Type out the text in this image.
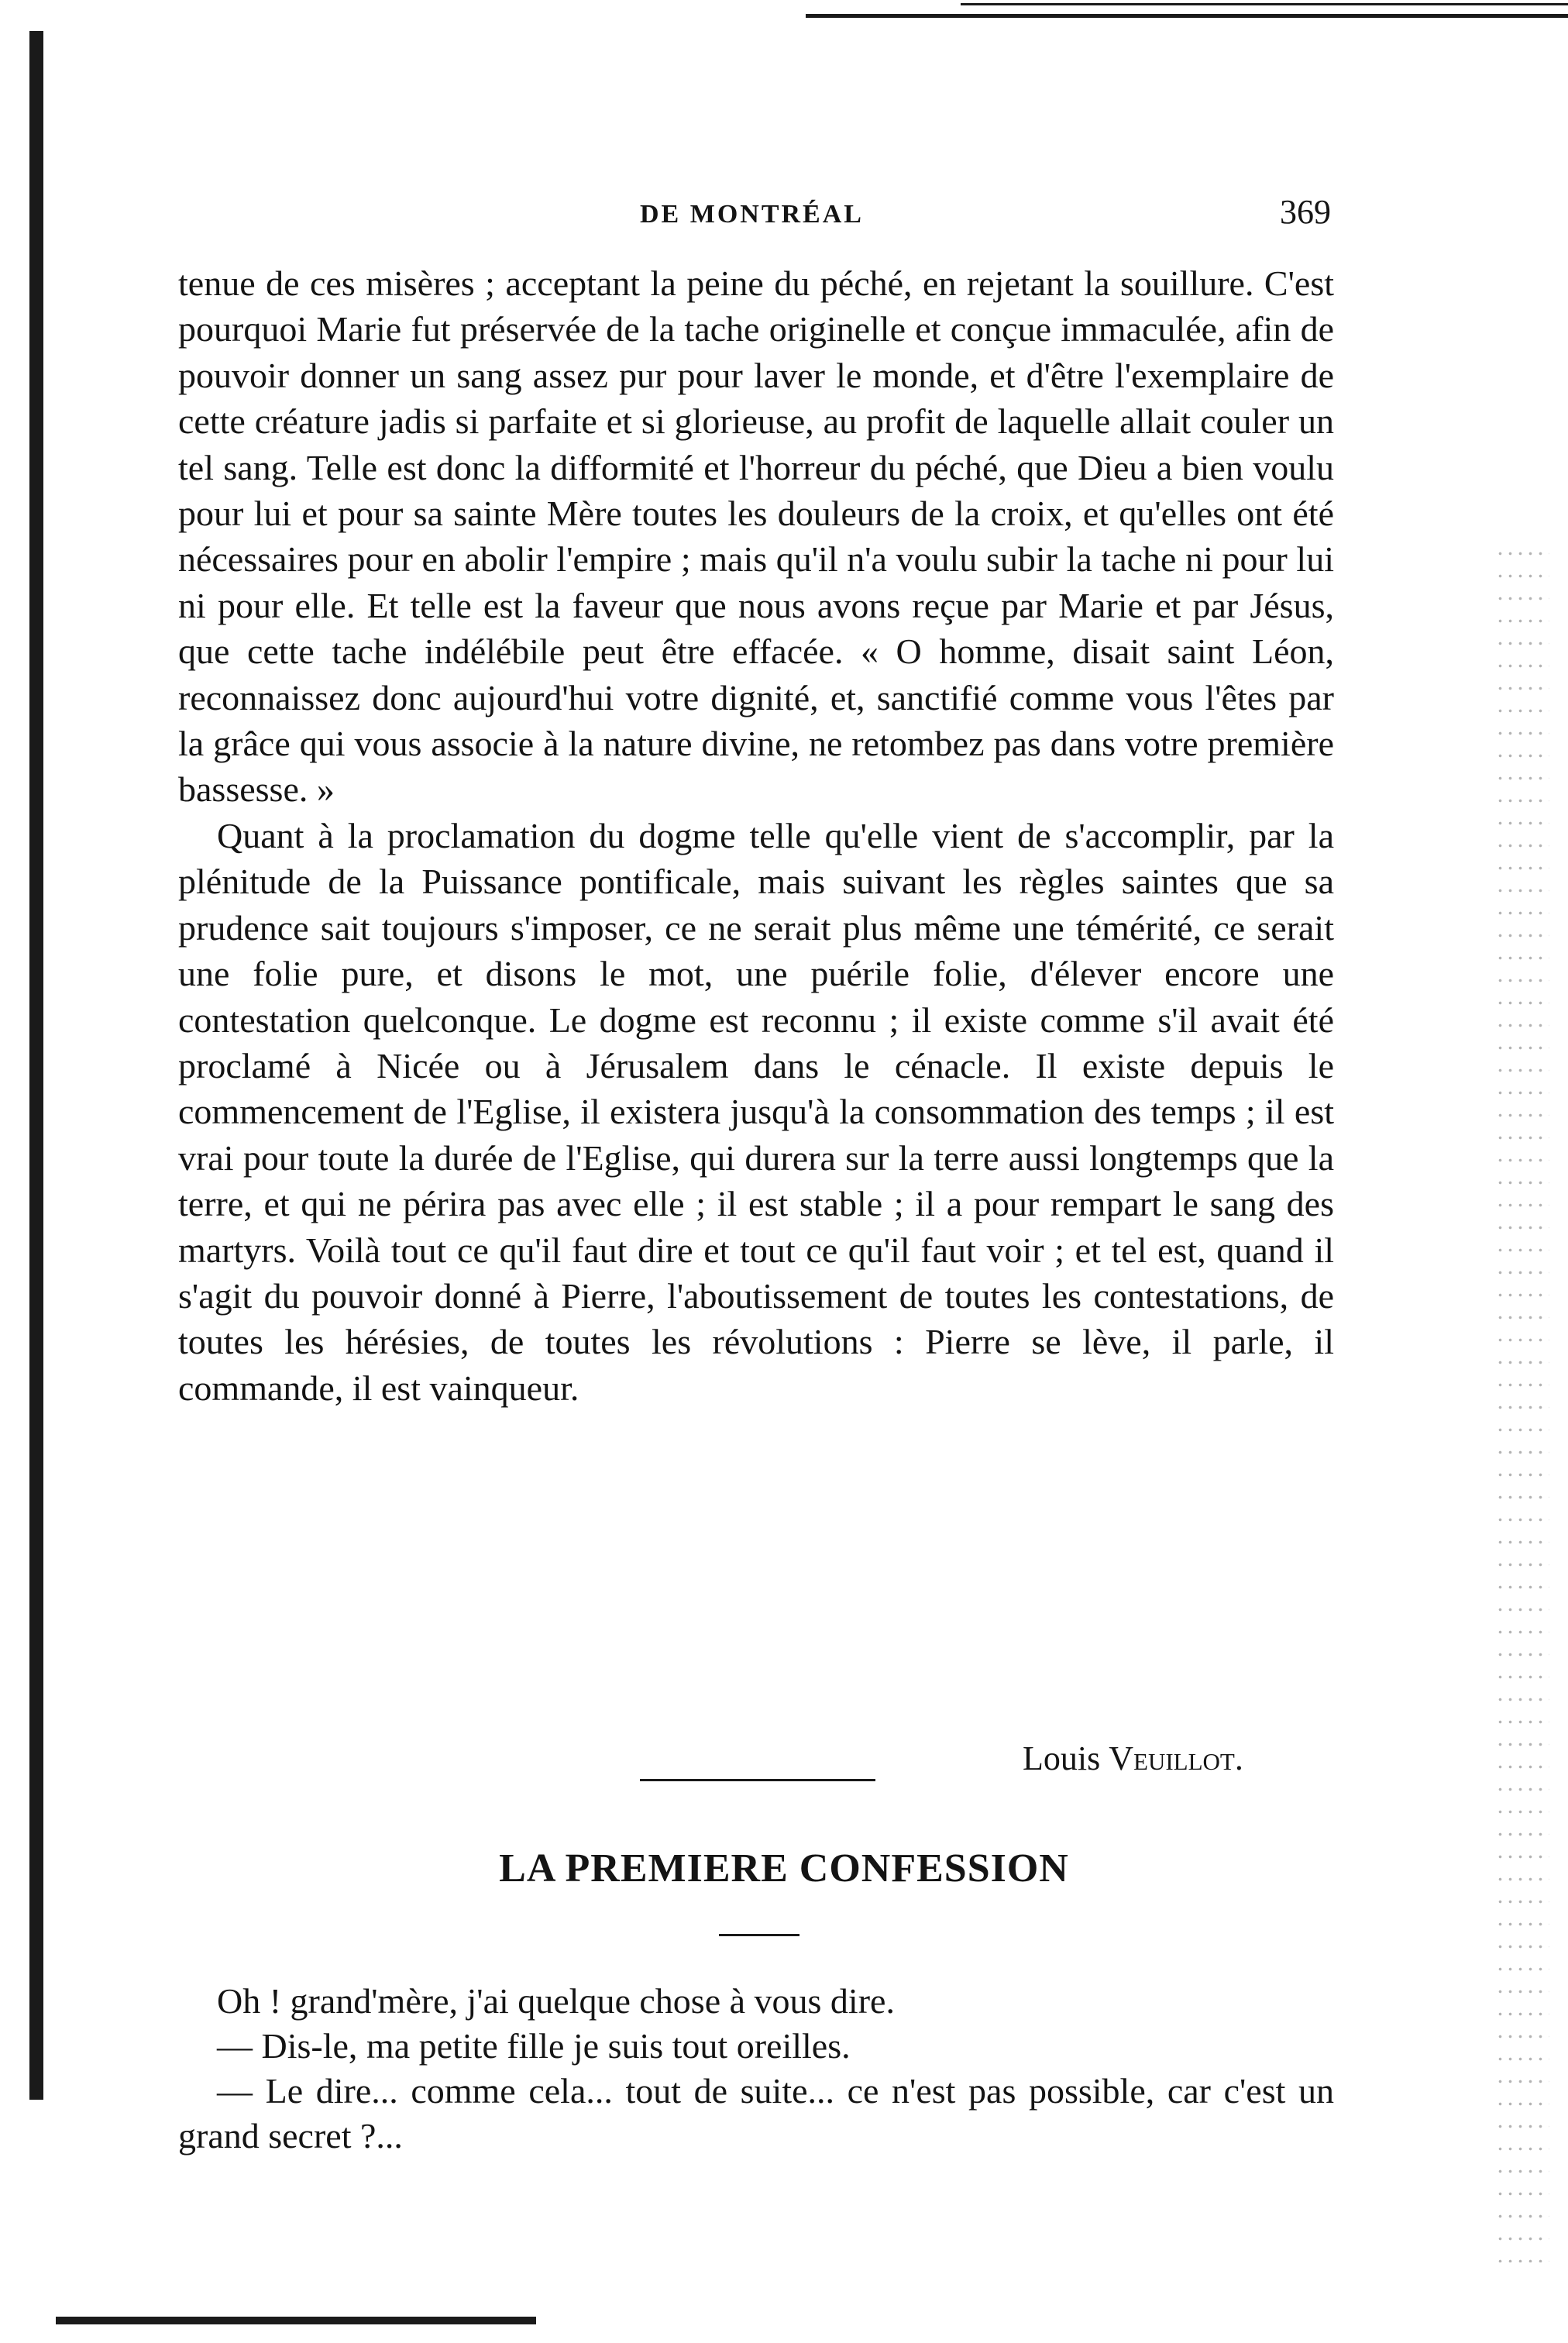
DE MONTRÉAL	369

tenue de ces misères ; acceptant la peine du péché, en rejetant la souillure. C'est pourquoi Marie fut préservée de la tache originelle et conçue immaculée, afin de pouvoir donner un sang assez pur pour laver le monde, et d'être l'exemplaire de cette créature jadis si parfaite et si glorieuse, au profit de laquelle allait couler un tel sang. Telle est donc la difformité et l'horreur du péché, que Dieu a bien voulu pour lui et pour sa sainte Mère toutes les douleurs de la croix, et qu'elles ont été nécessaires pour en abolir l'empire ; mais qu'il n'a voulu subir la tache ni pour lui ni pour elle. Et telle est la faveur que nous avons reçue par Marie et par Jésus, que cette tache indélébile peut être effacée. « O homme, disait saint Léon, reconnaissez donc aujourd'hui votre dignité, et, sanctifié comme vous l'êtes par la grâce qui vous associe à la nature divine, ne retombez pas dans votre première bassesse. »

Quant à la proclamation du dogme telle qu'elle vient de s'accomplir, par la plénitude de la Puissance pontificale, mais suivant les règles saintes que sa prudence sait toujours s'imposer, ce ne serait plus même une témérité, ce serait une folie pure, et disons le mot, une puérile folie, d'élever encore une contestation quelconque. Le dogme est reconnu ; il existe comme s'il avait été proclamé à Nicée ou à Jérusalem dans le cénacle. Il existe depuis le commencement de l'Eglise, il existera jusqu'à la consommation des temps ; il est vrai pour toute la durée de l'Eglise, qui durera sur la terre aussi longtemps que la terre, et qui ne périra pas avec elle ; il est stable ; il a pour rempart le sang des martyrs. Voilà tout ce qu'il faut dire et tout ce qu'il faut voir ; et tel est, quand il s'agit du pouvoir donné à Pierre, l'aboutissement de toutes les contestations, de toutes les hérésies, de toutes les révolutions : Pierre se lève, il parle, il commande, il est vainqueur.

Louis Veuillot.
LA PREMIERE CONFESSION

Oh ! grand'mère, j'ai quelque chose à vous dire.

— Dis-le, ma petite fille je suis tout oreilles.

— Le dire... comme cela... tout de suite... ce n'est pas possible, car c'est un grand secret ?...
